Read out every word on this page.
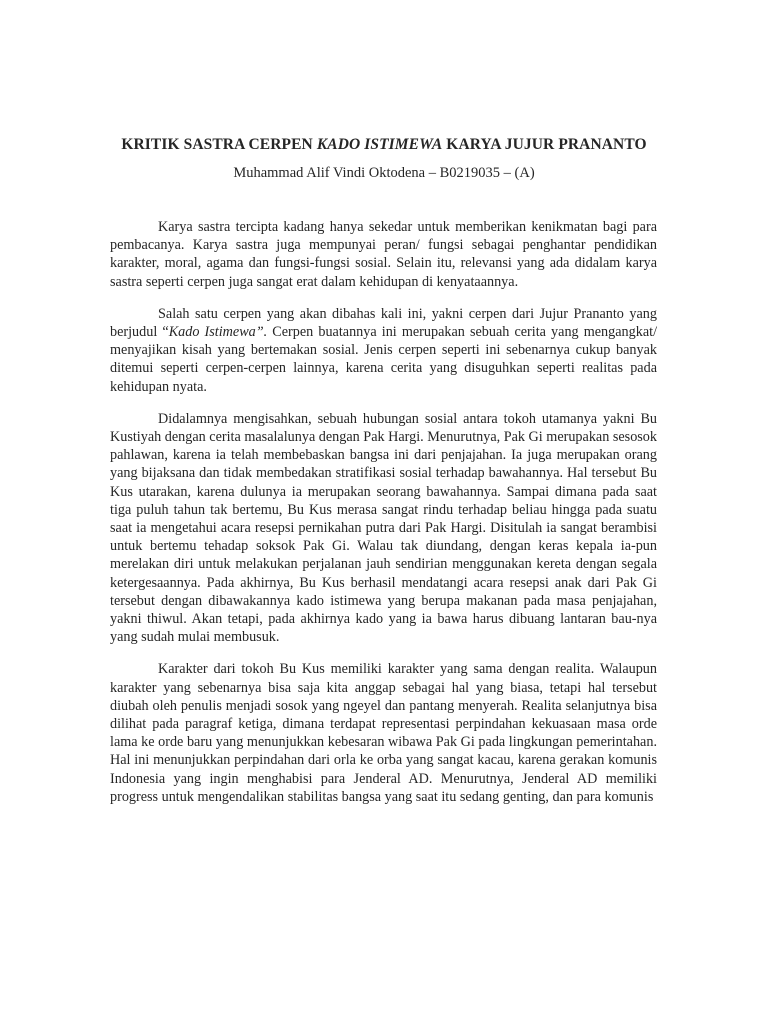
KRITIK SASTRA CERPEN KADO ISTIMEWA KARYA JUJUR PRANANTO

Muhammad Alif Vindi Oktodena – B0219035 – (A)

Karya sastra tercipta kadang hanya sekedar untuk memberikan kenikmatan bagi para pembacanya. Karya sastra juga mempunyai peran/ fungsi sebagai penghantar pendidikan karakter, moral, agama dan fungsi-fungsi sosial. Selain itu, relevansi yang ada didalam karya sastra seperti cerpen juga sangat erat dalam kehidupan di kenyataannya.

Salah satu cerpen yang akan dibahas kali ini, yakni cerpen dari Jujur Prananto yang berjudul “Kado Istimewa”. Cerpen buatannya ini merupakan sebuah cerita yang mengangkat/ menyajikan kisah yang bertemakan sosial. Jenis cerpen seperti ini sebenarnya cukup banyak ditemui seperti cerpen-cerpen lainnya, karena cerita yang disuguhkan seperti realitas pada kehidupan nyata.

Didalamnya mengisahkan, sebuah hubungan sosial antara tokoh utamanya yakni Bu Kustiyah dengan cerita masalalunya dengan Pak Hargi. Menurutnya, Pak Gi merupakan sesosok pahlawan, karena ia telah membebaskan bangsa ini dari penjajahan. Ia juga merupakan orang yang bijaksana dan tidak membedakan stratifikasi sosial terhadap bawahannya. Hal tersebut Bu Kus utarakan, karena dulunya ia merupakan seorang bawahannya. Sampai dimana pada saat tiga puluh tahun tak bertemu, Bu Kus merasa sangat rindu terhadap beliau hingga pada suatu saat ia mengetahui acara resepsi pernikahan putra dari Pak Hargi. Disitulah ia sangat berambisi untuk bertemu tehadap soksok Pak Gi. Walau tak diundang, dengan keras kepala ia-pun merelakan diri untuk melakukan perjalanan jauh sendirian menggunakan kereta dengan segala ketergesaannya. Pada akhirnya, Bu Kus berhasil mendatangi acara resepsi anak dari Pak Gi tersebut dengan dibawakannya kado istimewa yang berupa makanan pada masa penjajahan, yakni thiwul. Akan tetapi, pada akhirnya kado yang ia bawa harus dibuang lantaran bau-nya yang sudah mulai membusuk.

Karakter dari tokoh Bu Kus memiliki karakter yang sama dengan realita. Walaupun karakter yang sebenarnya bisa saja kita anggap sebagai hal yang biasa, tetapi hal tersebut diubah oleh penulis menjadi sosok yang ngeyel dan pantang menyerah. Realita selanjutnya bisa dilihat pada paragraf ketiga, dimana terdapat representasi perpindahan kekuasaan masa orde lama ke orde baru yang menunjukkan kebesaran wibawa Pak Gi pada lingkungan pemerintahan. Hal ini menunjukkan perpindahan dari orla ke orba yang sangat kacau, karena gerakan komunis Indonesia yang ingin menghabisi para Jenderal AD. Menurutnya, Jenderal AD memiliki progress untuk mengendalikan stabilitas bangsa yang saat itu sedang genting, dan para komunis
